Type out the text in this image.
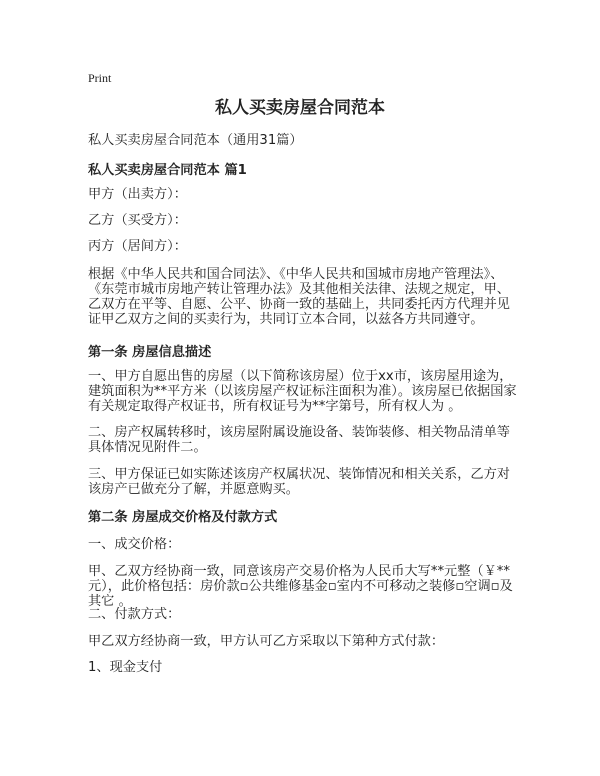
Print
私人买卖房屋合同范本
私人买卖房屋合同范本（通用31篇）
私人买卖房屋合同范本 篇1
甲方（出卖方）：
乙方（买受方）：
丙方（居间方）：
根据《中华人民共和国合同法》、《中华人民共和国城市房地产管理法》、《东莞市城市房地产转让管理办法》及其他相关法律、法规之规定，甲、乙双方在平等、自愿、公平、协商一致的基础上，共同委托丙方代理并见证甲乙双方之间的买卖行为，共同订立本合同，以兹各方共同遵守。
第一条 房屋信息描述
一、甲方自愿出售的房屋（以下简称该房屋）位于xx市，该房屋用途为，建筑面积为**平方米（以该房屋产权证标注面积为准）。该房屋已依据国家有关规定取得产权证书，所有权证号为**字第号，所有权人为 。
二、房产权属转移时，该房屋附属设施设备、装饰装修、相关物品清单等具体情况见附件二。
三、甲方保证已如实陈述该房产权属状况、装饰情况和相关关系，乙方对该房产已做充分了解，并愿意购买。
第二条 房屋成交价格及付款方式
一、成交价格：
甲、乙双方经协商一致，同意该房产交易价格为人民币大写**元整（￥**元），此价格包括：房价款▫公共维修基金▫室内不可移动之装修▫空调▫及其它 。
二、付款方式：
甲乙双方经协商一致，甲方认可乙方采取以下第种方式付款：
1、现金支付
